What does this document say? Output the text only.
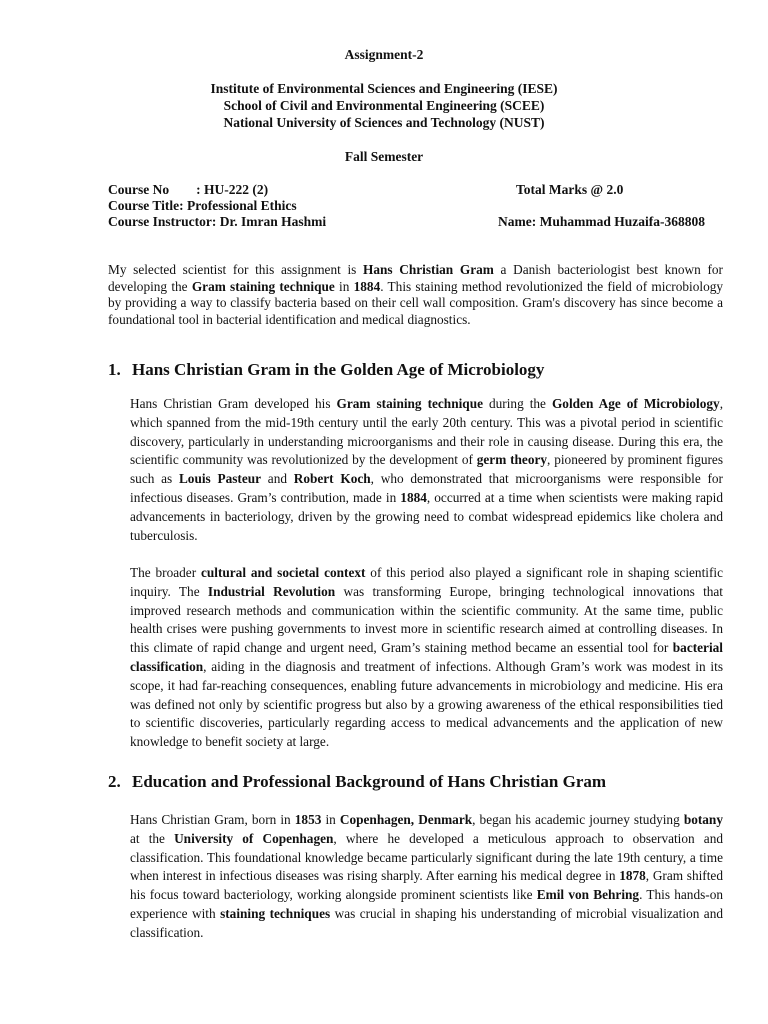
Assignment-2
Institute of Environmental Sciences and Engineering (IESE)
School of Civil and Environmental Engineering (SCEE)
National University of Sciences and Technology (NUST)
Fall Semester
Course No        : HU-222 (2)	Total Marks @ 2.0
Course Title: Professional Ethics
Course Instructor: Dr. Imran Hashmi	Name: Muhammad Huzaifa-368808
My selected scientist for this assignment is Hans Christian Gram a Danish bacteriologist best known for developing the Gram staining technique in 1884. This staining method revolutionized the field of microbiology by providing a way to classify bacteria based on their cell wall composition. Gram's discovery has since become a foundational tool in bacterial identification and medical diagnostics.
1. Hans Christian Gram in the Golden Age of Microbiology
Hans Christian Gram developed his Gram staining technique during the Golden Age of Microbiology, which spanned from the mid-19th century until the early 20th century. This was a pivotal period in scientific discovery, particularly in understanding microorganisms and their role in causing disease. During this era, the scientific community was revolutionized by the development of germ theory, pioneered by prominent figures such as Louis Pasteur and Robert Koch, who demonstrated that microorganisms were responsible for infectious diseases. Gram’s contribution, made in 1884, occurred at a time when scientists were making rapid advancements in bacteriology, driven by the growing need to combat widespread epidemics like cholera and tuberculosis.
The broader cultural and societal context of this period also played a significant role in shaping scientific inquiry. The Industrial Revolution was transforming Europe, bringing technological innovations that improved research methods and communication within the scientific community. At the same time, public health crises were pushing governments to invest more in scientific research aimed at controlling diseases. In this climate of rapid change and urgent need, Gram’s staining method became an essential tool for bacterial classification, aiding in the diagnosis and treatment of infections. Although Gram’s work was modest in its scope, it had far-reaching consequences, enabling future advancements in microbiology and medicine. His era was defined not only by scientific progress but also by a growing awareness of the ethical responsibilities tied to scientific discoveries, particularly regarding access to medical advancements and the application of new knowledge to benefit society at large.
2. Education and Professional Background of Hans Christian Gram
Hans Christian Gram, born in 1853 in Copenhagen, Denmark, began his academic journey studying botany at the University of Copenhagen, where he developed a meticulous approach to observation and classification. This foundational knowledge became particularly significant during the late 19th century, a time when interest in infectious diseases was rising sharply. After earning his medical degree in 1878, Gram shifted his focus toward bacteriology, working alongside prominent scientists like Emil von Behring. This hands-on experience with staining techniques was crucial in shaping his understanding of microbial visualization and classification.
